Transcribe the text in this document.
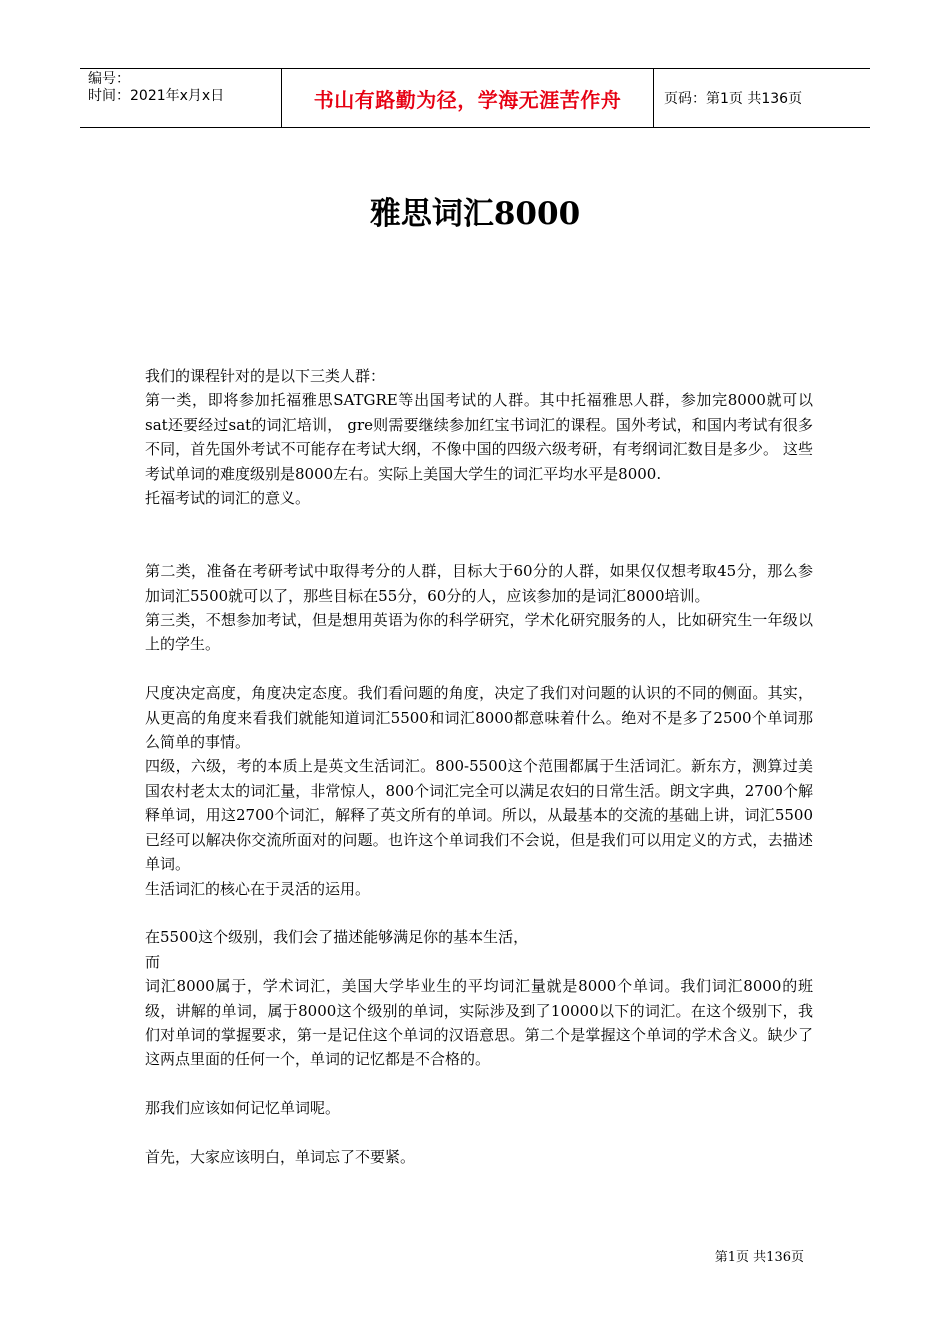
编号：
时间：2021年x月x日	书山有路勤为径，学海无涯苦作舟	页码：第1页 共136页
雅思词汇8000

我们的课程针对的是以下三类人群：

第一类，即将参加托福雅思SATGRE等出国考试的人群。其中托福雅思人群，参加完8000就可以 sat还要经过sat的词汇培训， gre则需要继续参加红宝书词汇的课程。国外考试，和国内考试有很多不同，首先国外考试不可能存在考试大纲，不像中国的四级六级考研，有考纲词汇数目是多少。 这些考试单词的难度级别是8000左右。实际上美国大学生的词汇平均水平是8000.

托福考试的词汇的意义。

第二类，准备在考研考试中取得考分的人群，目标大于60分的人群，如果仅仅想考取45分，那么参加词汇5500就可以了，那些目标在55分，60分的人，应该参加的是词汇8000培训。

第三类，不想参加考试，但是想用英语为你的科学研究，学术化研究服务的人，比如研究生一年级以上的学生。

尺度决定高度，角度决定态度。我们看问题的角度，决定了我们对问题的认识的不同的侧面。其实，从更高的角度来看我们就能知道词汇5500和词汇8000都意味着什么。绝对不是多了2500个单词那么简单的事情。

四级，六级，考的本质上是英文生活词汇。800-5500这个范围都属于生活词汇。新东方，测算过美国农村老太太的词汇量，非常惊人，800个词汇完全可以满足农妇的日常生活。朗文字典，2700个解释单词，用这2700个词汇，解释了英文所有的单词。所以，从最基本的交流的基础上讲，词汇5500已经可以解决你交流所面对的问题。也许这个单词我们不会说，但是我们可以用定义的方式，去描述单词。

生活词汇的核心在于灵活的运用。

在5500这个级别，我们会了描述能够满足你的基本生活，

而

词汇8000属于，学术词汇，美国大学毕业生的平均词汇量就是8000个单词。我们词汇8000的班级，讲解的单词，属于8000这个级别的单词，实际涉及到了10000以下的词汇。在这个级别下，我们对单词的掌握要求，第一是记住这个单词的汉语意思。第二个是掌握这个单词的学术含义。缺少了这两点里面的任何一个，单词的记忆都是不合格的。

那我们应该如何记忆单词呢。

首先，大家应该明白，单词忘了不要紧。

第1页 共136页
